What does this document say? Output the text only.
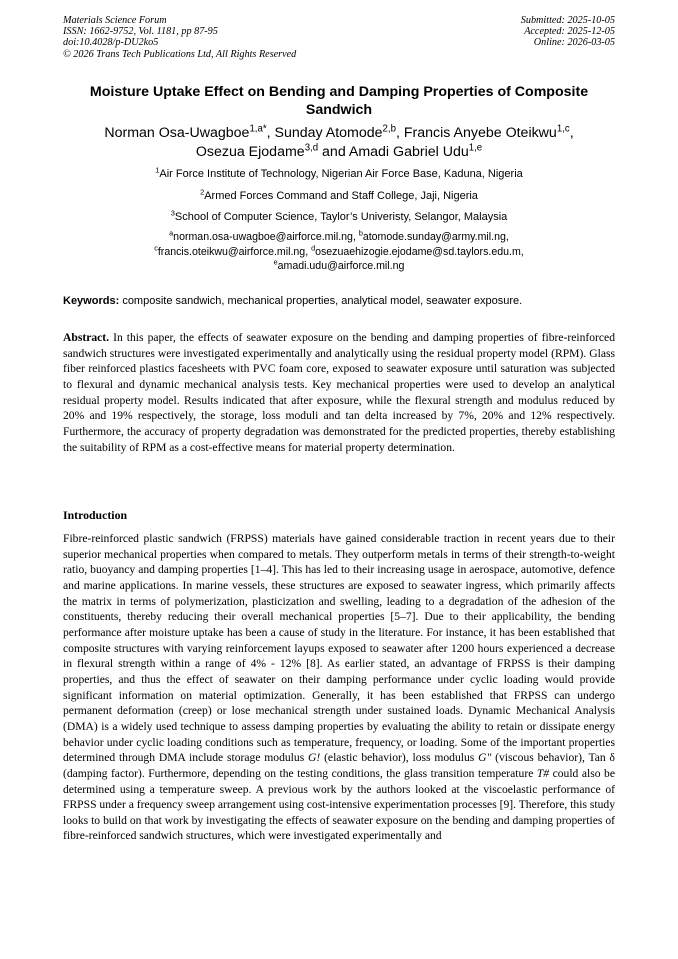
Materials Science Forum
ISSN: 1662-9752, Vol. 1181, pp 87-95
doi:10.4028/p-DU2ko5
© 2026 Trans Tech Publications Ltd, All Rights Reserved
Submitted: 2025-10-05
Accepted: 2025-12-05
Online: 2026-03-05
Moisture Uptake Effect on Bending and Damping Properties of Composite Sandwich
Norman Osa-Uwagboe$^{1,a*}$, Sunday Atomode$^{2,b}$, Francis Anyebe Oteikwu$^{1,c}$,
Osezua Ejodame$^{3,d}$ and Amadi Gabriel Udu$^{1,e}$
$^1$Air Force Institute of Technology, Nigerian Air Force Base, Kaduna, Nigeria
$^2$Armed Forces Command and Staff College, Jaji, Nigeria
$^3$School of Computer Science, Taylor’s Univeristy, Selangor, Malaysia
$^a$norman.osa-uwagboe@airforce.mil.ng, $^b$atomode.sunday@army.mil.ng,
$^c$francis.oteikwu@airforce.mil.ng, $^d$osezuaehizogie.ejodame@sd.taylors.edu.m,
$^e$amadi.udu@airforce.mil.ng
Keywords: composite sandwich, mechanical properties, analytical model, seawater exposure.
Abstract. In this paper, the effects of seawater exposure on the bending and damping properties of fibre-reinforced sandwich structures were investigated experimentally and analytically using the residual property model (RPM). Glass fiber reinforced plastics facesheets with PVC foam core, exposed to seawater exposure until saturation was subjected to flexural and dynamic mechanical analysis tests. Key mechanical properties were used to develop an analytical residual property model. Results indicated that after exposure, while the flexural strength and modulus reduced by 20% and 19% respectively, the storage, loss moduli and tan delta increased by 7%, 20% and 12% respectively. Furthermore, the accuracy of property degradation was demonstrated for the predicted properties, thereby establishing the suitability of RPM as a cost-effective means for material property determination.
Introduction
Fibre-reinforced plastic sandwich (FRPSS) materials have gained considerable traction in recent years due to their superior mechanical properties when compared to metals. They outperform metals in terms of their strength-to-weight ratio, buoyancy and damping properties [1–4]. This has led to their increasing usage in aerospace, automotive, defence and marine applications. In marine vessels, these structures are exposed to seawater ingress, which primarily affects the matrix in terms of polymerization, plasticization and swelling, leading to a degradation of the adhesion of the constituents, thereby reducing their overall mechanical properties [5–7]. Due to their applicability, the bending performance after moisture uptake has been a cause of study in the literature. For instance, it has been established that composite structures with varying reinforcement layups exposed to seawater after 1200 hours experienced a decrease in flexural strength within a range of 4% - 12% [8]. As earlier stated, an advantage of FRPSS is their damping properties, and thus the effect of seawater on their damping performance under cyclic loading would provide significant information on material optimization. Generally, it has been established that FRPSS can undergo permanent deformation (creep) or lose mechanical strength under sustained loads. Dynamic Mechanical Analysis (DMA) is a widely used technique to assess damping properties by evaluating the ability to retain or dissipate energy behavior under cyclic loading conditions such as temperature, frequency, or loading. Some of the important properties determined through DMA include storage modulus G! (elastic behavior), loss modulus G" (viscous behavior), Tan δ (damping factor). Furthermore, depending on the testing conditions, the glass transition temperature T# could also be determined using a temperature sweep. A previous work by the authors looked at the viscoelastic performance of FRPSS under a frequency sweep arrangement using cost-intensive experimentation processes [9]. Therefore, this study looks to build on that work by investigating the effects of seawater exposure on the bending and damping properties of fibre-reinforced sandwich structures, which were investigated experimentally and
